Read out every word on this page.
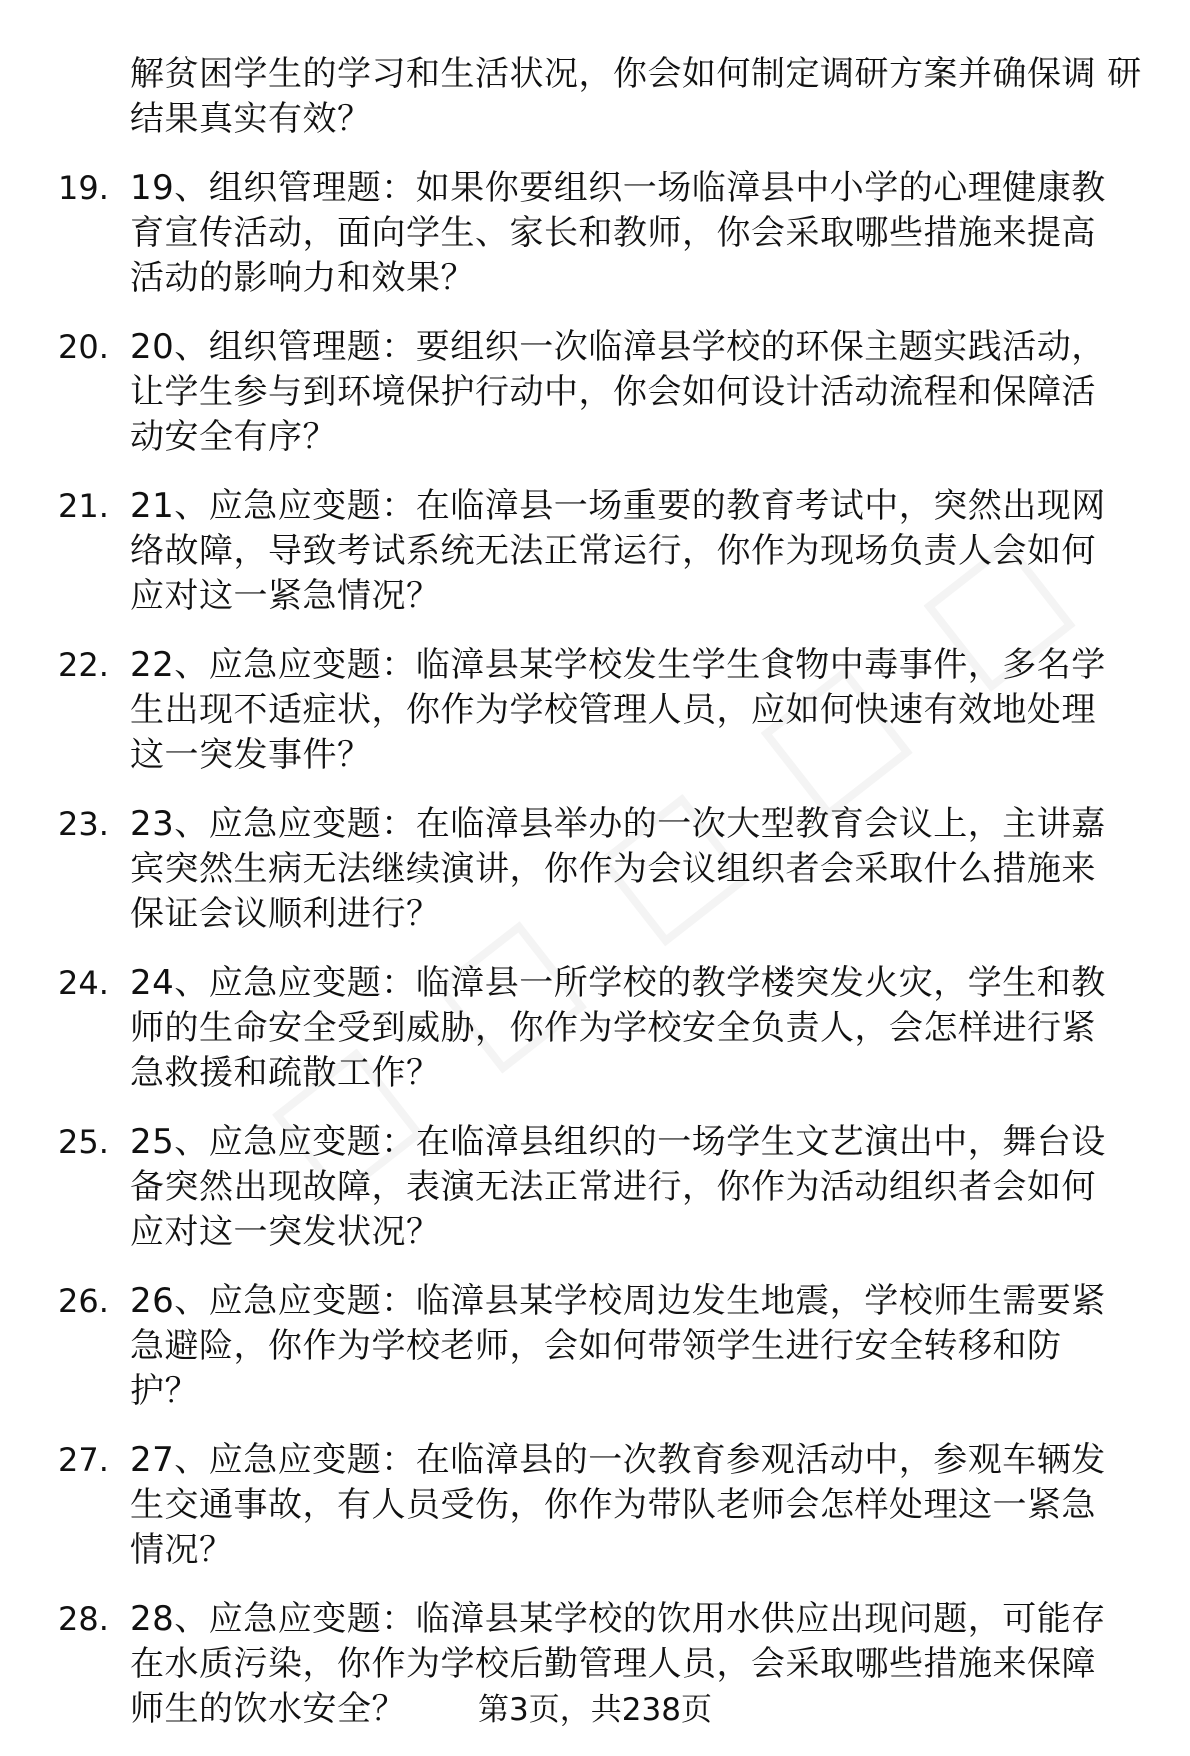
解贫困学生的学习和生活状况，你会如何制定调研方案并确保调 研结果真实有效？
19. 19、组织管理题：如果你要组织一场临漳县中小学的心理健康教
育宣传活动，面向学生、家长和教师，你会采取哪些措施来提高
活动的影响力和效果？
20. 20、组织管理题：要组织一次临漳县学校的环保主题实践活动，
让学生参与到环境保护行动中，你会如何设计活动流程和保障活
动安全有序？
21. 21、应急应变题：在临漳县一场重要的教育考试中，突然出现网
络故障，导致考试系统无法正常运行，你作为现场负责人会如何
应对这一紧急情况？
22. 22、应急应变题：临漳县某学校发生学生食物中毒事件，多名学
生出现不适症状，你作为学校管理人员，应如何快速有效地处理
这一突发事件？
23. 23、应急应变题：在临漳县举办的一次大型教育会议上，主讲嘉
宾突然生病无法继续演讲，你作为会议组织者会采取什么措施来
保证会议顺利进行？
24. 24、应急应变题：临漳县一所学校的教学楼突发火灾，学生和教
师的生命安全受到威胁，你作为学校安全负责人，会怎样进行紧
急救援和疏散工作？
25. 25、应急应变题：在临漳县组织的一场学生文艺演出中，舞台设
备突然出现故障，表演无法正常进行，你作为活动组织者会如何
应对这一突发状况？
26. 26、应急应变题：临漳县某学校周边发生地震，学校师生需要紧
急避险，你作为学校老师，会如何带领学生进行安全转移和防
护？
27. 27、应急应变题：在临漳县的一次教育参观活动中，参观车辆发
生交通事故，有人员受伤，你作为带队老师会怎样处理这一紧急
情况？
28. 28、应急应变题：临漳县某学校的饮用水供应出现问题，可能存
在水质污染，你作为学校后勤管理人员，会采取哪些措施来保障
师生的饮水安全？	第3页，共238页
